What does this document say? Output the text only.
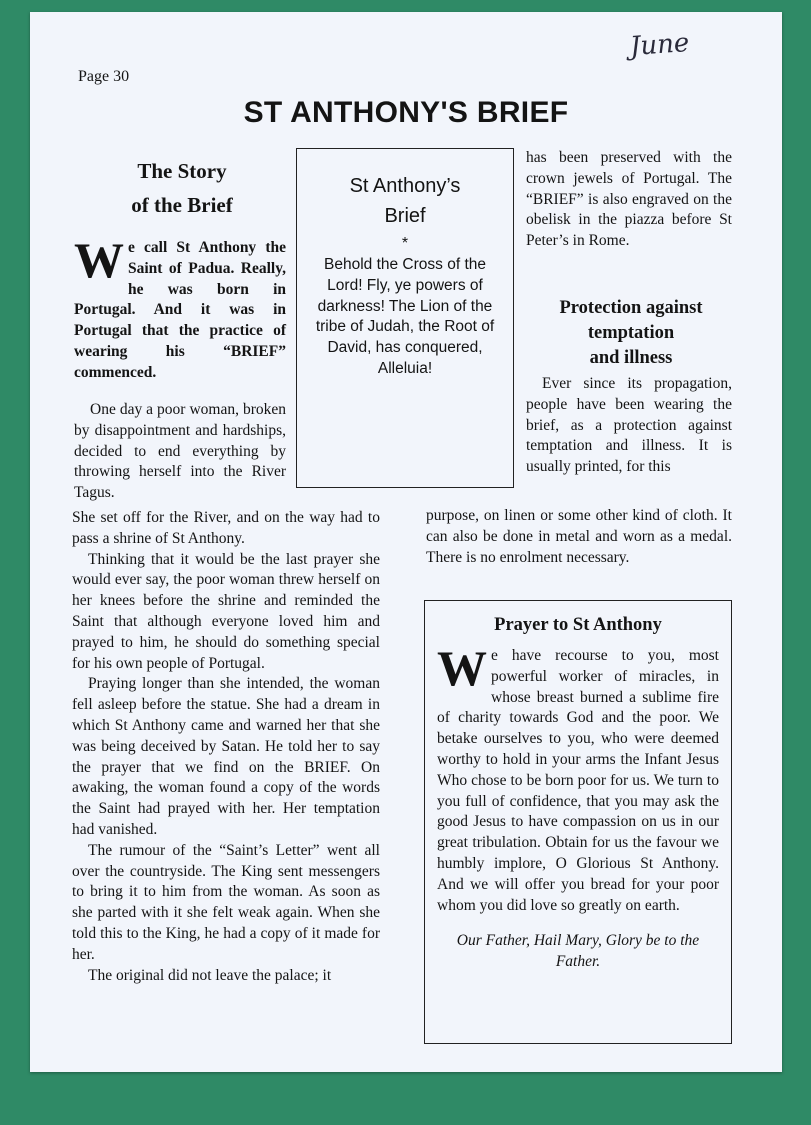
June
Page 30
ST ANTHONY'S BRIEF
The Story
of the Brief
We call St Anthony the Saint of Padua. Really, he was born in Portugal. And it was in Portugal that the practice of wearing his “BRIEF” commenced.
One day a poor woman, broken by disappointment and hardships, decided to end everything by throwing herself into the River Tagus.
She set off for the River, and on the way had to pass a shrine of St Anthony.
Thinking that it would be the last prayer she would ever say, the poor woman threw herself on her knees before the shrine and reminded the Saint that although everyone loved him and prayed to him, he should do something special for his own people of Portugal.
Praying longer than she intended, the woman fell asleep before the statue. She had a dream in which St Anthony came and warned her that she was being deceived by Satan. He told her to say the prayer that we find on the BRIEF. On awaking, the woman found a copy of the words the Saint had prayed with her. Her temptation had vanished.
The rumour of the “Saint’s Letter” went all over the countryside. The King sent messengers to bring it to him from the woman. As soon as she parted with it she felt weak again. When she told this to the King, he had a copy of it made for her.
The original did not leave the palace; it
St Anthony’s
Brief
*
Behold the Cross of the Lord! Fly, ye powers of darkness! The Lion of the tribe of Judah, the Root of David, has conquered, Alleluia!
has been preserved with the crown jewels of Portugal. The “BRIEF” is also engraved on the obelisk in the piazza before St Peter’s in Rome.
Protection against
temptation
and illness
Ever since its propagation, people have been wearing the brief, as a protection against temptation and illness. It is usually printed, for this
purpose, on linen or some other kind of cloth. It can also be done in metal and worn as a medal. There is no enrolment necessary.
Prayer to St Anthony
We have recourse to you, most powerful worker of miracles, in whose breast burned a sublime fire of charity towards God and the poor. We betake ourselves to you, who were deemed worthy to hold in your arms the Infant Jesus Who chose to be born poor for us. We turn to you full of confidence, that you may ask the good Jesus to have compassion on us in our great tribulation. Obtain for us the favour we humbly implore, O Glorious St Anthony. And we will offer you bread for your poor whom you did love so greatly on earth.
Our Father, Hail Mary, Glory be to the Father.
